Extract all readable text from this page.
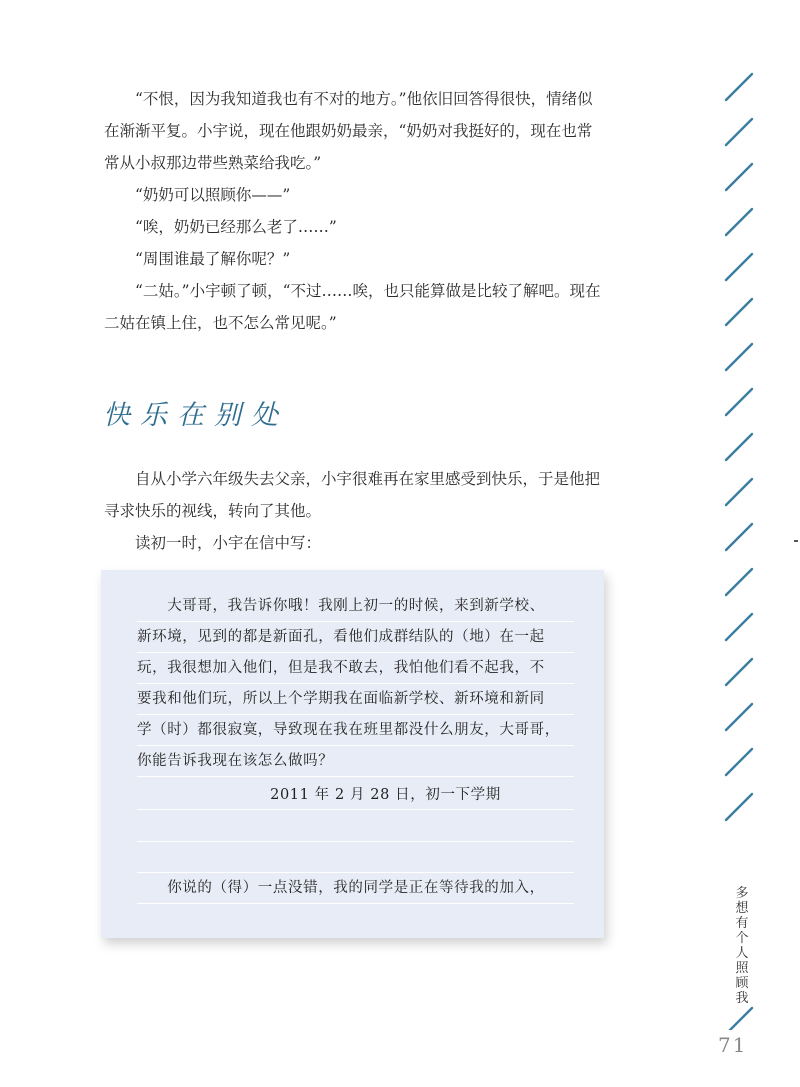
“不恨，因为我知道我也有不对的地方。”他依旧回答得很快，情绪似在渐渐平复。小宇说，现在他跟奶奶最亲，“奶奶对我挺好的，现在也常常从小叔那边带些熟菜给我吃。”

“奶奶可以照顾你——”

“唉，奶奶已经那么老了……”

“周围谁最了解你呢？”

“二姑。”小宇顿了顿，“不过……唉，也只能算做是比较了解吧。现在二姑在镇上住，也不怎么常见呢。”

快乐在别处

自从小学六年级失去父亲，小宇很难再在家里感受到快乐，于是他把寻求快乐的视线，转向了其他。

读初一时，小宇在信中写：

　　大哥哥，我告诉你哦！我刚上初一的时候，来到新学校、
新环境，见到的都是新面孔，看他们成群结队的（地）在一起
玩，我很想加入他们，但是我不敢去，我怕他们看不起我，不
要我和他们玩，所以上个学期我在面临新学校、新环境和新同
学（时）都很寂寞，导致现在我在班里都没什么朋友，大哥哥，
你能告诉我现在该怎么做吗？
2011 年 2 月 28 日，初一下学期
　　你说的（得）一点没错，我的同学是正在等待我的加入，	多想有个人照顾我
71
